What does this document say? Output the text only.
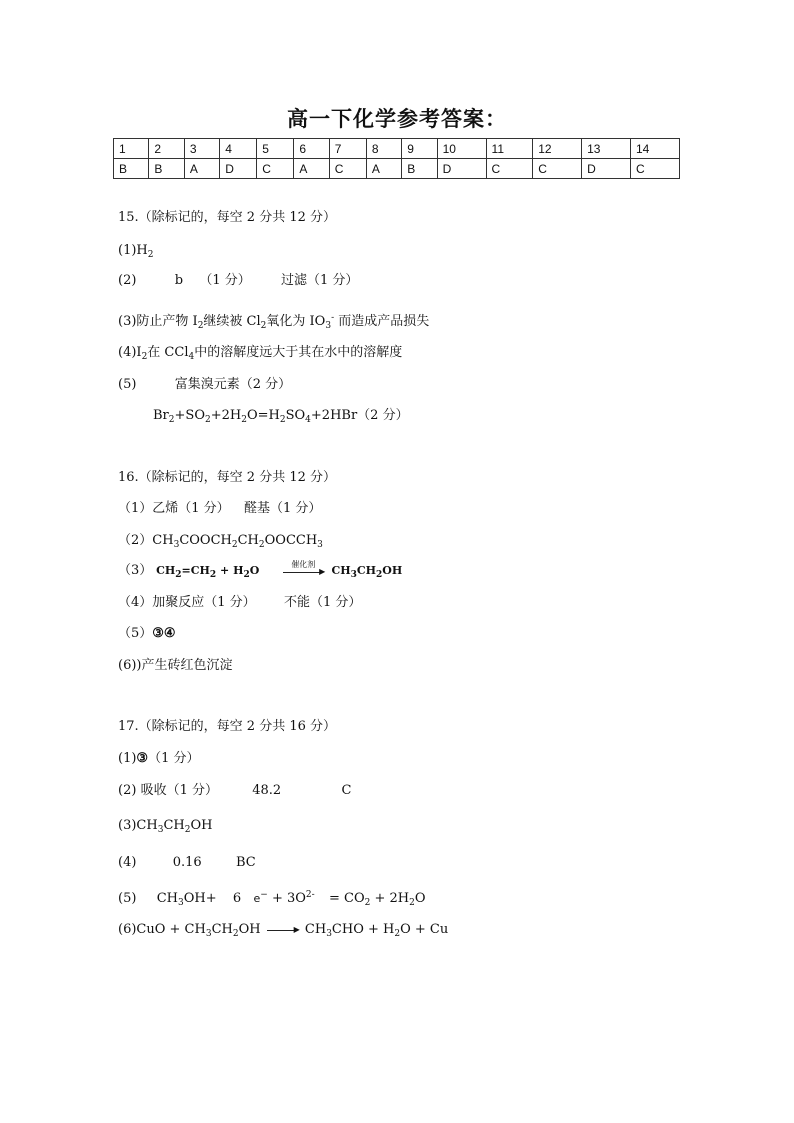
高一下化学参考答案：
1	2	3	4	5	6	7	8	9	10	11	12	13	14
B	B	A	D	C	A	C	A	B	D	C	C	D	C
15.（除标记的，每空 2 分共 12 分）
$(1)H_2$
(2)	b （1 分） 过滤（1 分）
(3)防止产物 $I_2$继续被 $Cl_2$氧化为 $IO_3^-$ 而造成产品损失
$(4)I_2$在 CCl$_4$中的溶解度远大于其在水中的溶解度
(5)	富集溴元素（2 分）
$Br_2+SO_2+2H_2O=H_2SO_4+2HBr(2$ 分）
16.（除标记的，每空 2 分共 12 分）
（1）乙烯（1 分） 醛基（1 分）
$(2)CH_3COOCH_2CH_2OOCCH_3$
（3） $CH_2=CH_2 + H_2O$	催化剂
▶ $CH_3CH_2OH$
（4）加聚反应（1 分） 不能（1 分）
（5）③④
(6))产生砖红色沉淀
17.（除标记的，每空 2 分共 16 分）
(1)③（1 分）
(2) 吸收（1 分）	48.2	C
$(3)CH_3CH_2OH$
(4)	0.16	BC
(5) $CH_3OH+ 6$ $e^- + 3O^{2-} = CO_2 + 2H_2O$
$(6)CuO + CH_3CH_2OH$	▶ $CH_3CHO + H_2O + Cu$
